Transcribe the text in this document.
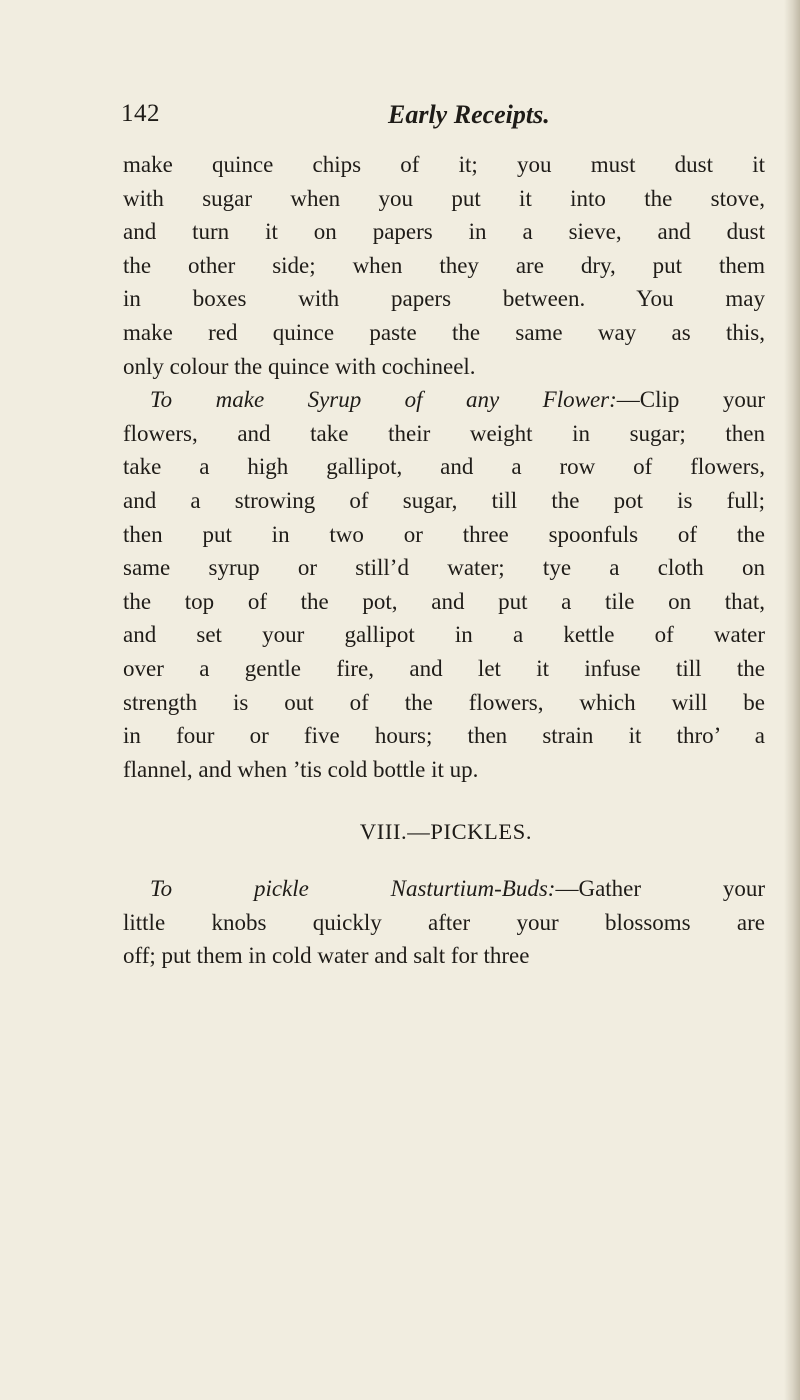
142	Early Receipts.
make quince chips of it; you must dust it
with sugar when you put it into the stove,
and turn it on papers in a sieve, and dust
the other side; when they are dry, put them
in boxes with papers between. You may
make red quince paste the same way as this,
only colour the quince with cochineel.
To make Syrup of any Flower:—Clip your
flowers, and take their weight in sugar; then
take a high gallipot, and a row of flowers,
and a strowing of sugar, till the pot is full;
then put in two or three spoonfuls of the
same syrup or still’d water; tye a cloth on
the top of the pot, and put a tile on that,
and set your gallipot in a kettle of water
over a gentle fire, and let it infuse till the
strength is out of the flowers, which will be
in four or five hours; then strain it thro’ a
flannel, and when ’tis cold bottle it up.
VIII.—PICKLES.
To pickle Nasturtium-Buds:—Gather your
little knobs quickly after your blossoms are
off; put them in cold water and salt for three
